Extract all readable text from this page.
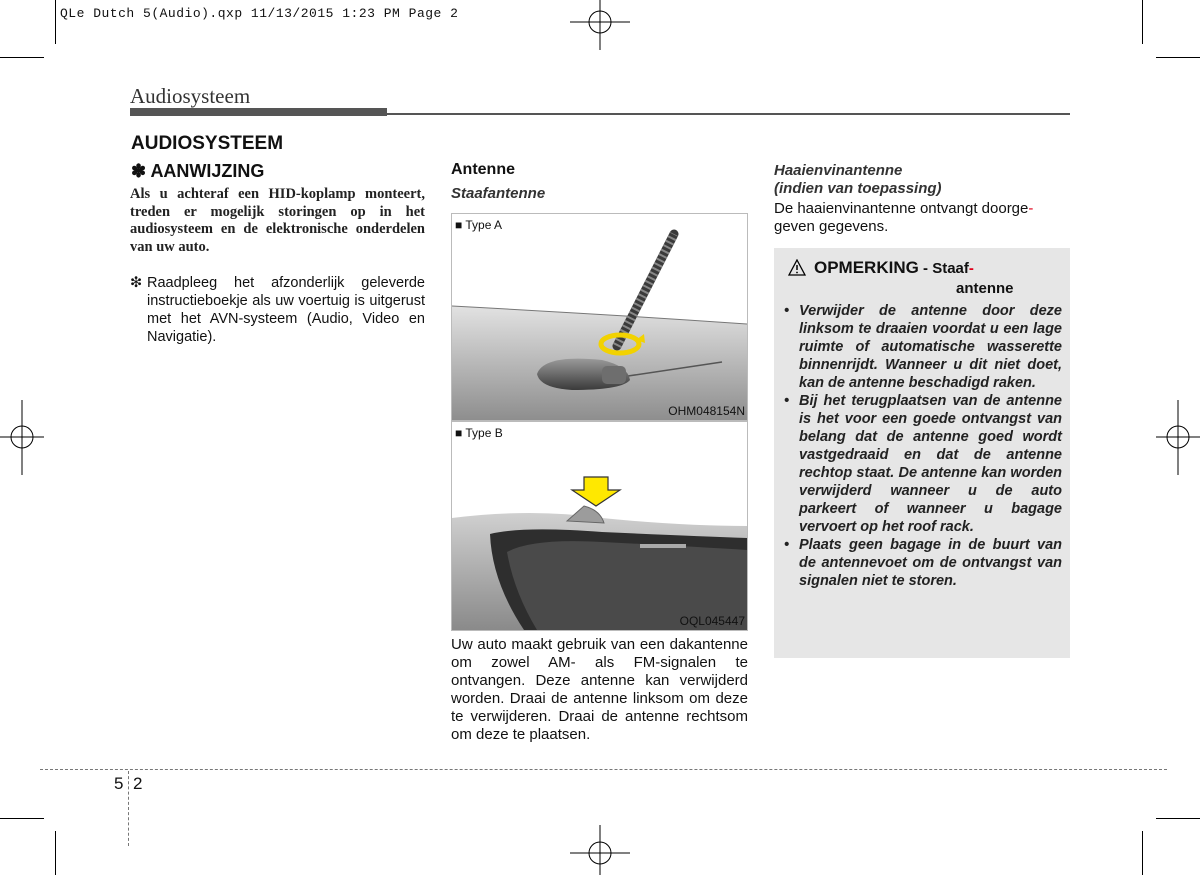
QLe Dutch 5(Audio).qxp 11/13/2015 1:23 PM Page 2
Audiosysteem
AUDIOSYSTEEM
✽ AANWIJZING
Als u achteraf een HID-koplamp monteert, treden er mogelijk storingen op in het audiosysteem en de elektronische onderdelen van uw auto.
❇ Raadpleeg het afzonderlijk geleverde instructieboekje als uw voertuig is uitgerust met het AVN-systeem (Audio, Video en Navigatie).
Antenne
Staafantenne
■ Type A
OHM048154N
■ Type B
OQL045447
Uw auto maakt gebruik van een dakantenne om zowel AM- als FM-signalen te ontvangen. Deze antenne kan verwijderd worden. Draai de antenne linksom om deze te verwijderen. Draai de antenne rechtsom om deze te plaatsen.
Haaienvinantenne
(indien van toepassing)
De haaienvinantenne ontvangt doorge-
geven gegevens.
OPMERKING - Staaf-
antenne
• Verwijder de antenne door deze linksom te draaien voordat u een lage ruimte of automatische wasserette binnenrijdt. Wanneer u dit niet doet, kan de antenne beschadigd raken.
• Bij het terugplaatsen van de antenne is het voor een goede ontvangst van belang dat de antenne goed wordt vastgedraaid en dat de antenne rechtop staat. De antenne kan worden verwijderd wanneer u de auto parkeert of wanneer u bagage vervoert op het roof rack.
• Plaats geen bagage in de buurt van de antennevoet om de ontvangst van signalen niet te storen.
5 2
